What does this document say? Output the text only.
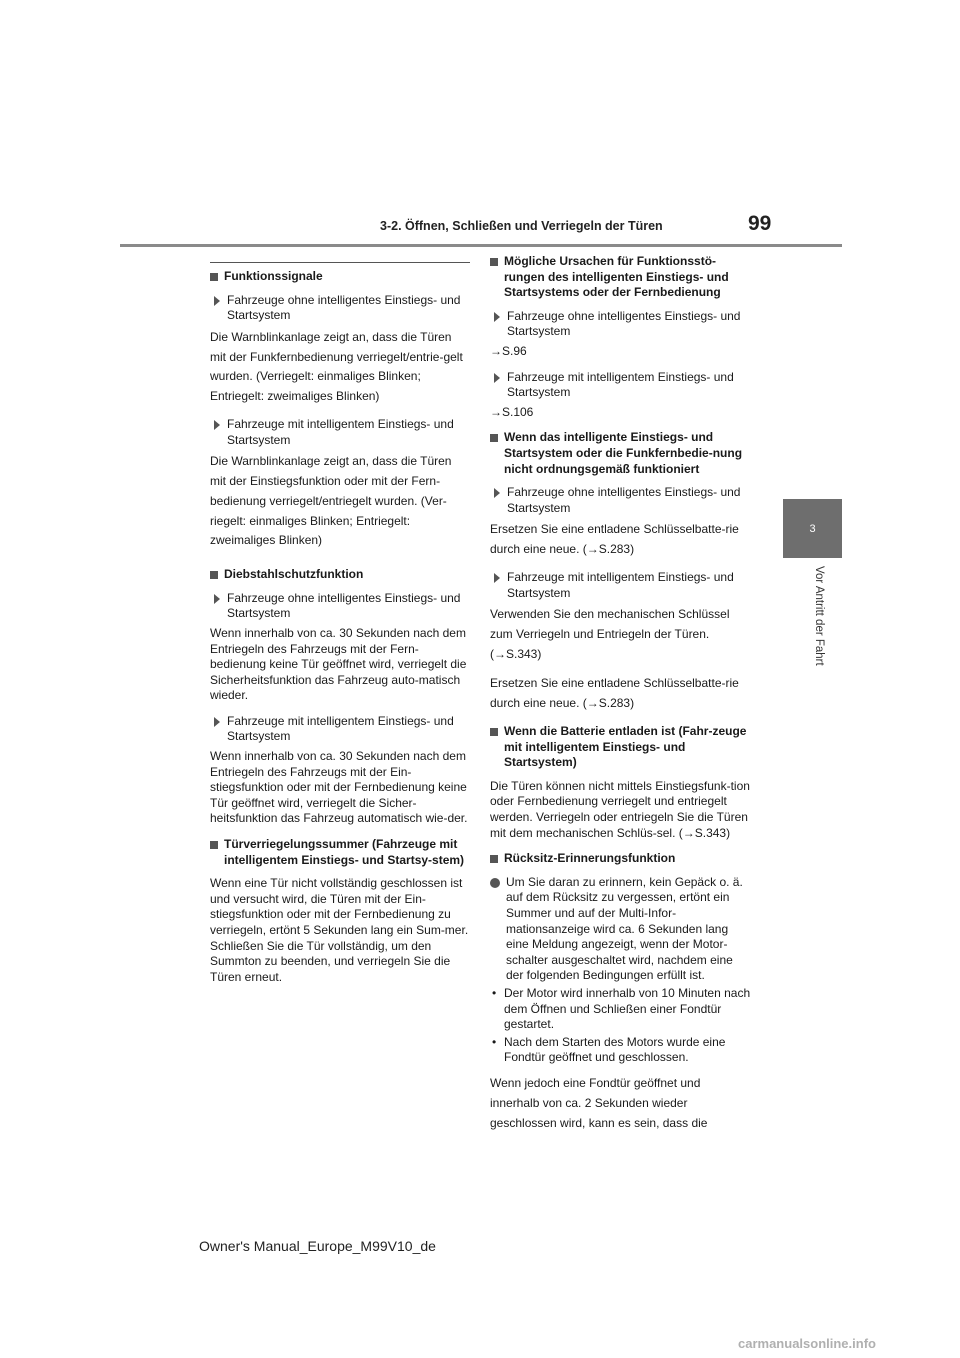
3-2. Öffnen, Schließen und Verriegeln der Türen	99
3
Vor Antritt der Fahrt
Funktionssignale
Fahrzeuge ohne intelligentes Einstiegs- und Startsystem
Die Warnblinkanlage zeigt an, dass die Türen mit der Funkfernbedienung verriegelt/entrie-gelt wurden. (Verriegelt: einmaliges Blinken; Entriegelt: zweimaliges Blinken)
Fahrzeuge mit intelligentem Einstiegs- und Startsystem
Die Warnblinkanlage zeigt an, dass die Türen mit der Einstiegsfunktion oder mit der Fern-bedienung verriegelt/entriegelt wurden. (Ver-riegelt: einmaliges Blinken; Entriegelt: zweimaliges Blinken)
Diebstahlschutzfunktion
Fahrzeuge ohne intelligentes Einstiegs- und Startsystem
Wenn innerhalb von ca. 30 Sekunden nach dem Entriegeln des Fahrzeugs mit der Fern-bedienung keine Tür geöffnet wird, verriegelt die Sicherheitsfunktion das Fahrzeug auto-matisch wieder.
Fahrzeuge mit intelligentem Einstiegs- und Startsystem
Wenn innerhalb von ca. 30 Sekunden nach dem Entriegeln des Fahrzeugs mit der Ein-stiegsfunktion oder mit der Fernbedienung keine Tür geöffnet wird, verriegelt die Sicher-heitsfunktion das Fahrzeug automatisch wie-der.
Türverriegelungssummer (Fahrzeuge mit intelligentem Einstiegs- und Startsy-stem)
Wenn eine Tür nicht vollständig geschlossen ist und versucht wird, die Türen mit der Ein-stiegsfunktion oder mit der Fernbedienung zu verriegeln, ertönt 5 Sekunden lang ein Sum-mer. Schließen Sie die Tür vollständig, um den Summton zu beenden, und verriegeln Sie die Türen erneut.
Mögliche Ursachen für Funktionsstö-rungen des intelligenten Einstiegs- und Startsystems oder der Fernbedienung
Fahrzeuge ohne intelligentes Einstiegs- und Startsystem
→S.96
Fahrzeuge mit intelligentem Einstiegs- und Startsystem
→S.106
Wenn das intelligente Einstiegs- und Startsystem oder die Funkfernbedie-nung nicht ordnungsgemäß funktioniert
Fahrzeuge ohne intelligentes Einstiegs- und Startsystem
Ersetzen Sie eine entladene Schlüsselbatte-rie durch eine neue. (→S.283)
Fahrzeuge mit intelligentem Einstiegs- und Startsystem
Verwenden Sie den mechanischen Schlüssel zum Verriegeln und Entriegeln der Türen. (→S.343)
Ersetzen Sie eine entladene Schlüsselbatte-rie durch eine neue. (→S.283)
Wenn die Batterie entladen ist (Fahr-zeuge mit intelligentem Einstiegs- und Startsystem)
Die Türen können nicht mittels Einstiegsfunk-tion oder Fernbedienung verriegelt und entriegelt werden. Verriegeln oder entriegeln Sie die Türen mit dem mechanischen Schlüs-sel. (→S.343)
Rücksitz-Erinnerungsfunktion
Um Sie daran zu erinnern, kein Gepäck o. ä. auf dem Rücksitz zu vergessen, ertönt ein Summer und auf der Multi-Infor-mationsanzeige wird ca. 6 Sekunden lang eine Meldung angezeigt, wenn der Motor-schalter ausgeschaltet wird, nachdem eine der folgenden Bedingungen erfüllt ist.
• Der Motor wird innerhalb von 10 Minuten nach dem Öffnen und Schließen einer Fondtür gestartet.
• Nach dem Starten des Motors wurde eine Fondtür geöffnet und geschlossen.
Wenn jedoch eine Fondtür geöffnet und innerhalb von ca. 2 Sekunden wieder geschlossen wird, kann es sein, dass die
Owner's Manual_Europe_M99V10_de
carmanualsonline.info
